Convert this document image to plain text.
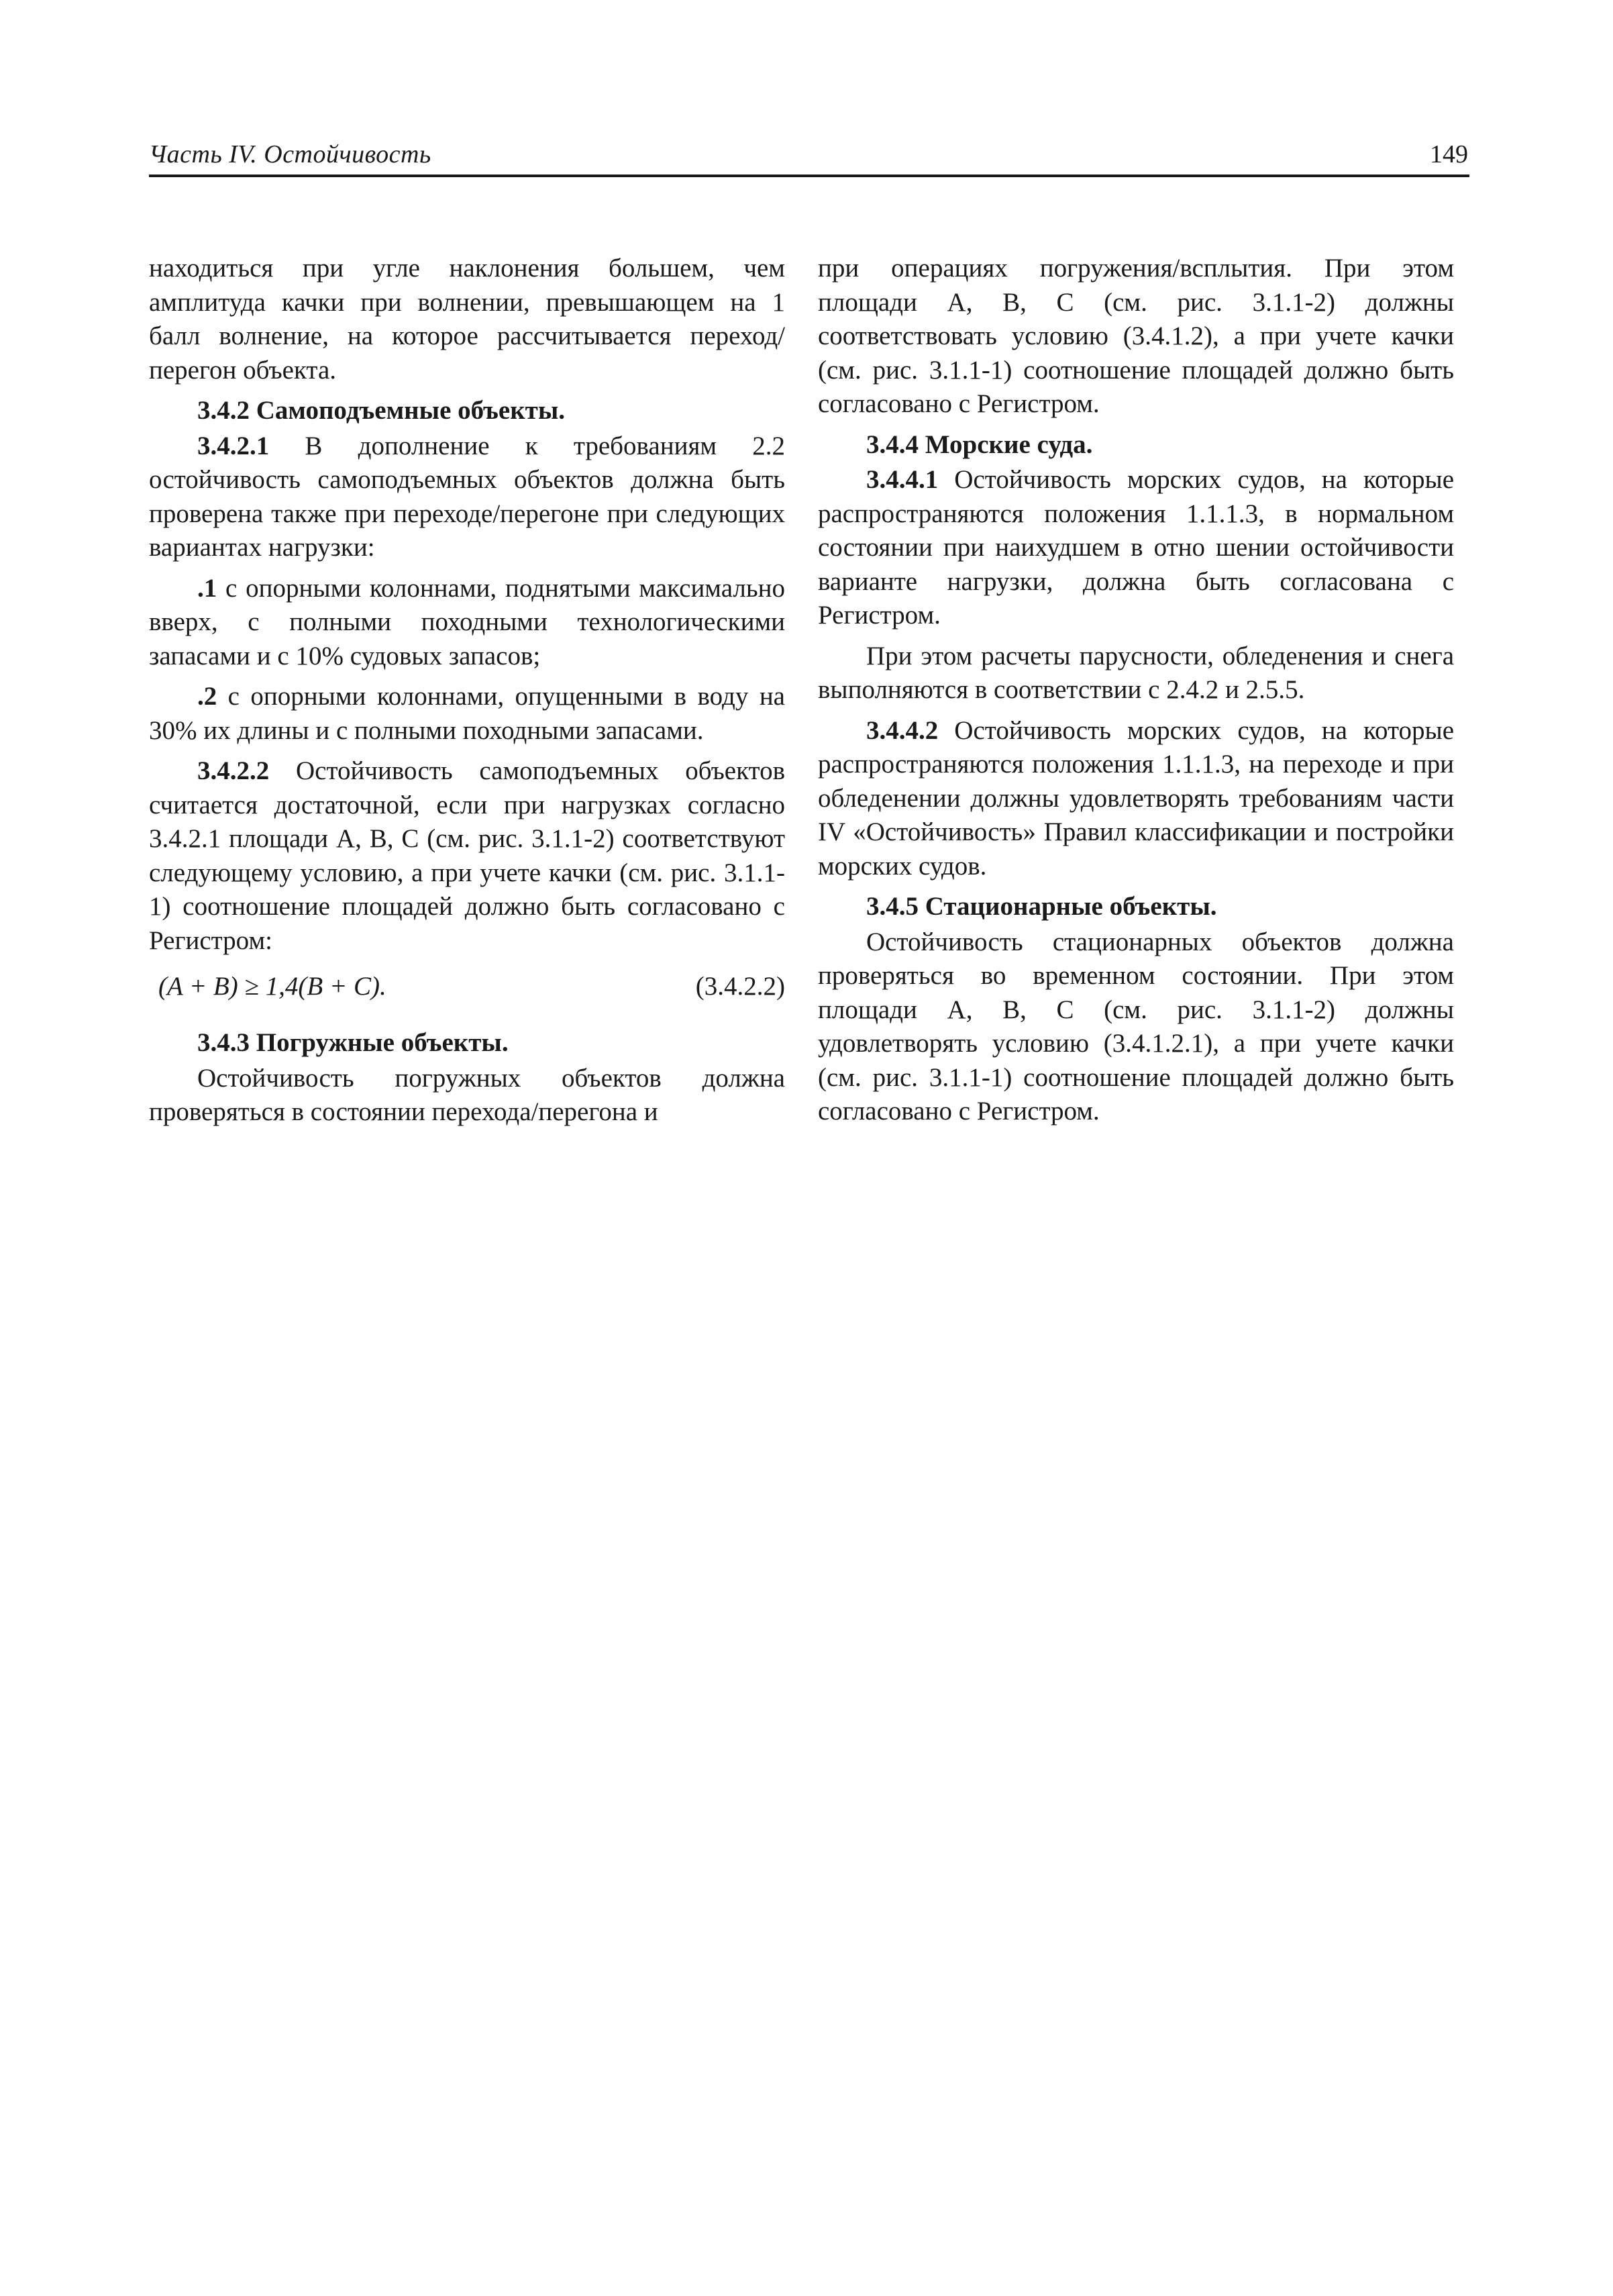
Часть IV. Остойчивость	149

находиться при угле наклонения большем, чем амплитуда качки при волнении, превышающем на 1 балл волнение, на которое рассчитывается переход/перегон объекта.

3.4.2 Самоподъемные объекты.

3.4.2.1 В дополнение к требованиям 2.2 остойчивость самоподъемных объектов должна быть проверена также при переходе/перегоне при следующих вариантах нагрузки:

.1 с опорными колоннами, поднятыми максимально вверх, с полными походными технологическими запасами и с 10% судовых запасов;

.2 с опорными колоннами, опущенными в воду на 30% их длины и с полными походными запасами.

3.4.2.2 Остойчивость самоподъемных объектов считается достаточной, если при нагрузках согласно 3.4.2.1 площади А, В, С (см. рис. 3.1.1-2) соответствуют следующему условию, а при учете качки (см. рис. 3.1.1-1) соотношение площадей должно быть согласовано с Регистром:

(A + B) ≥ 1,4(B + C).	(3.4.2.2)
3.4.3 Погружные объекты.

Остойчивость погружных объектов должна проверяться в состоянии перехода/перегона и

при операциях погружения/всплытия. При этом площади А, В, С (см. рис. 3.1.1-2) должны соответствовать условию (3.4.1.2), а при учете качки (см. рис. 3.1.1-1) соотношение площадей должно быть согласовано с Регистром.

3.4.4 Морские суда.

3.4.4.1 Остойчивость морских судов, на которые распространяются положения 1.1.1.3, в нормальном состоянии при наихудшем в отно шении остойчивости варианте нагрузки, должна быть согласована с Регистром.

При этом расчеты парусности, обледенения и снега выполняются в соответствии с 2.4.2 и 2.5.5.

3.4.4.2 Остойчивость морских судов, на которые распространяются положения 1.1.1.3, на переходе и при обледенении должны удовлетворять требованиям части IV «Остойчивость» Правил классификации и постройки морских судов.

3.4.5 Стационарные объекты.

Остойчивость стационарных объектов должна проверяться во временном состоянии. При этом площади А, В, С (см. рис. 3.1.1-2) должны удовлетворять условию (3.4.1.2.1), а при учете качки (см. рис. 3.1.1-1) соотношение площадей должно быть согласовано с Регистром.
